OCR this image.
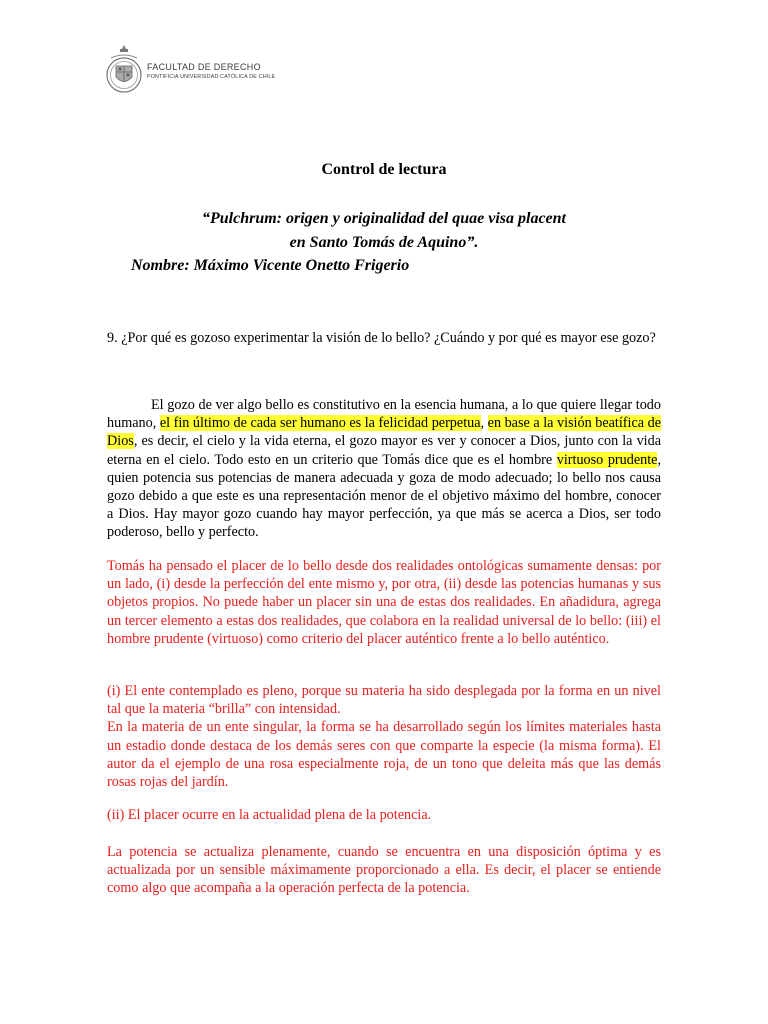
FACULTAD DE DERECHO
PONTIFICIA UNIVERSIDAD CATÓLICA DE CHILE
Control de lectura
“Pulchrum: origen y originalidad del quae visa placent
en Santo Tomás de Aquino”.
Nombre: Máximo Vicente Onetto Frigerio

9. ¿Por qué es gozoso experimentar la visión de lo bello? ¿Cuándo y por qué es mayor ese gozo?

El gozo de ver algo bello es constitutivo en la esencia humana, a lo que quiere llegar todo humano, el fin último de cada ser humano es la felicidad perpetua, en base a la visión beatífica de Dios, es decir, el cielo y la vida eterna, el gozo mayor es ver y conocer a Dios, junto con la vida eterna en el cielo. Todo esto en un criterio que Tomás dice que es el hombre virtuoso prudente, quien potencia sus potencias de manera adecuada y goza de modo adecuado; lo bello nos causa gozo debido a que este es una representación menor de el objetivo máximo del hombre, conocer a Dios. Hay mayor gozo cuando hay mayor perfección, ya que más se acerca a Dios, ser todo poderoso, bello y perfecto.

Tomás ha pensado el placer de lo bello desde dos realidades ontológicas sumamente densas: por un lado, (i) desde la perfección del ente mismo y, por otra, (ii) desde las potencias humanas y sus objetos propios. No puede haber un placer sin una de estas dos realidades. En añadidura, agrega un tercer elemento a estas dos realidades, que colabora en la realidad universal de lo bello: (iii) el hombre prudente (virtuoso) como criterio del placer auténtico frente a lo bello auténtico.

(i) El ente contemplado es pleno, porque su materia ha sido desplegada por la forma en un nivel tal que la materia “brilla” con intensidad.
En la materia de un ente singular, la forma se ha desarrollado según los límites materiales hasta un estadio donde destaca de los demás seres con que comparte la especie (la misma forma). El autor da el ejemplo de una rosa especialmente roja, de un tono que deleita más que las demás rosas rojas del jardín.

(ii) El placer ocurre en la actualidad plena de la potencia.

La potencia se actualiza plenamente, cuando se encuentra en una disposición óptima y es actualizada por un sensible máximamente proporcionado a ella. Es decir, el placer se entiende como algo que acompaña a la operación perfecta de la potencia.
